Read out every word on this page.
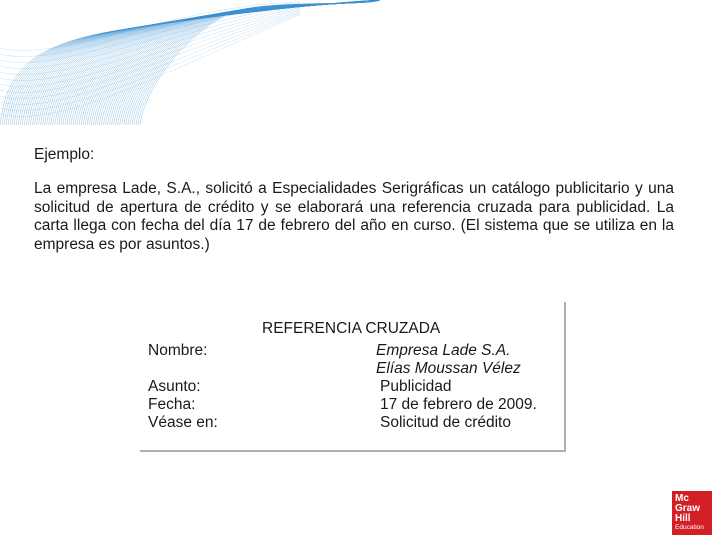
Ejemplo:

La empresa Lade, S.A., solicitó a Especialidades Serigráficas un catálogo publicitario y una solicitud de apertura de crédito y se elaborará una referencia cruzada para publicidad. La carta llega con fecha del día 17 de febrero del año en curso. (El sistema que se utiliza en la empresa es por asuntos.)

REFERENCIA CRUZADA
Nombre:	Empresa Lade S.A.
Elías Moussan Vélez
Asunto:	Publicidad
Fecha:	17 de febrero de 2009.
Véase en:	Solicitud de crédito
Mc
Graw
Hill
Education
